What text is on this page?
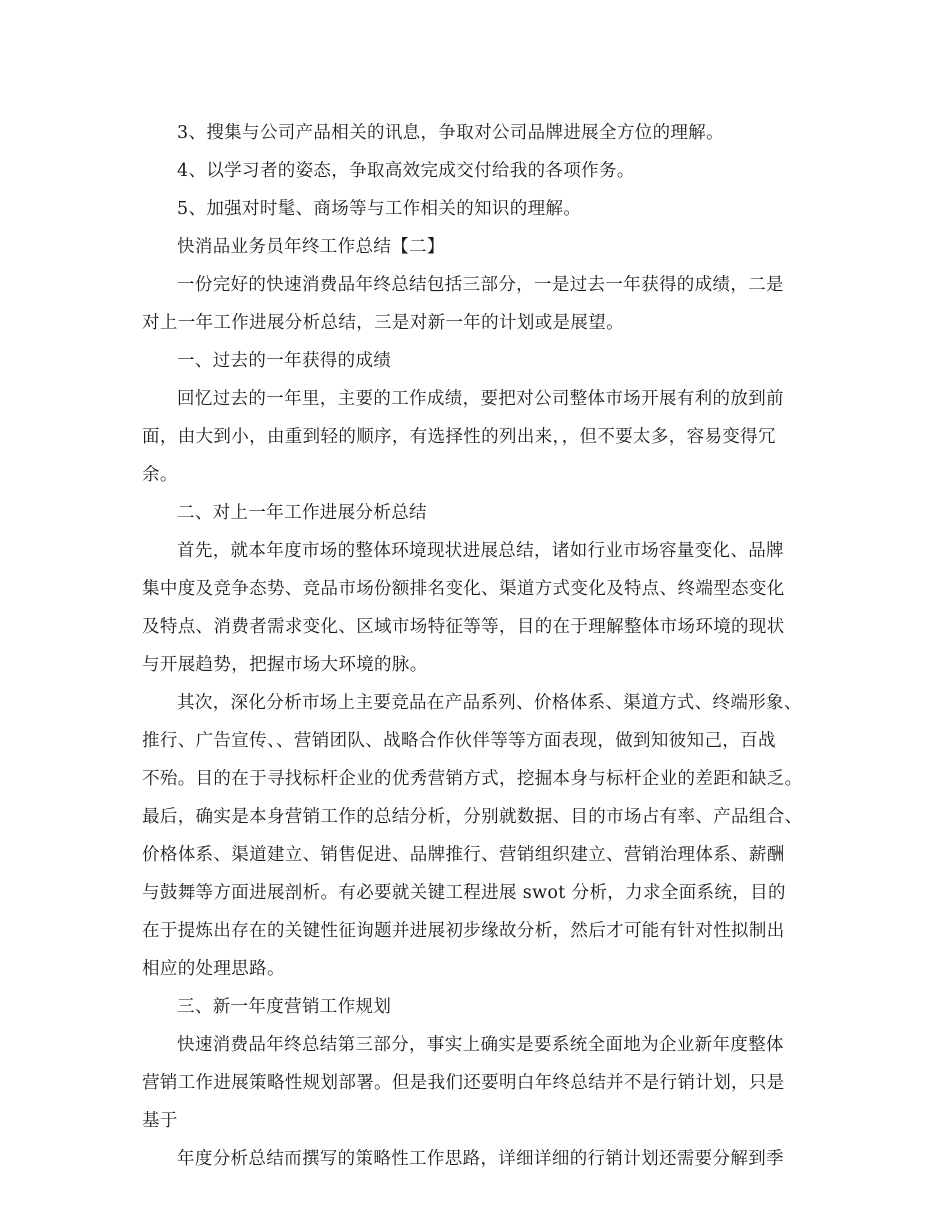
3、搜集与公司产品相关的讯息，争取对公司品牌进展全方位的理解。
4、以学习者的姿态，争取高效完成交付给我的各项作务。
5、加强对时髦、商场等与工作相关的知识的理解。
快消品业务员年终工作总结【二】
一份完好的快速消费品年终总结包括三部分，一是过去一年获得的成绩，二是
对上一年工作进展分析总结，三是对新一年的计划或是展望。
一、过去的一年获得的成绩
回忆过去的一年里，主要的工作成绩，要把对公司整体市场开展有利的放到前
面，由大到小，由重到轻的顺序，有选择性的列出来，，但不要太多，容易变得冗
余。
二、对上一年工作进展分析总结
首先，就本年度市场的整体环境现状进展总结，诸如行业市场容量变化、品牌
集中度及竞争态势、竞品市场份额排名变化、渠道方式变化及特点、终端型态变化
及特点、消费者需求变化、区域市场特征等等，目的在于理解整体市场环境的现状
与开展趋势，把握市场大环境的脉。
其次，深化分析市场上主要竞品在产品系列、价格体系、渠道方式、终端形象、
推行、广告宣传、、营销团队、战略合作伙伴等等方面表现，做到知彼知己，百战
不殆。目的在于寻找标杆企业的优秀营销方式，挖掘本身与标杆企业的差距和缺乏。
最后，确实是本身营销工作的总结分析，分别就数据、目的市场占有率、产品组合、
价格体系、渠道建立、销售促进、品牌推行、营销组织建立、营销治理体系、薪酬
与鼓舞等方面进展剖析。有必要就关键工程进展 swot 分析，力求全面系统，目的
在于提炼出存在的关键性征询题并进展初步缘故分析，然后才可能有针对性拟制出
相应的处理思路。
三、新一年度营销工作规划
快速消费品年终总结第三部分，事实上确实是要系统全面地为企业新年度整体
营销工作进展策略性规划部署。但是我们还要明白年终总结并不是行销计划，只是
基于
年度分析总结而撰写的策略性工作思路，详细详细的行销计划还需要分解到季
